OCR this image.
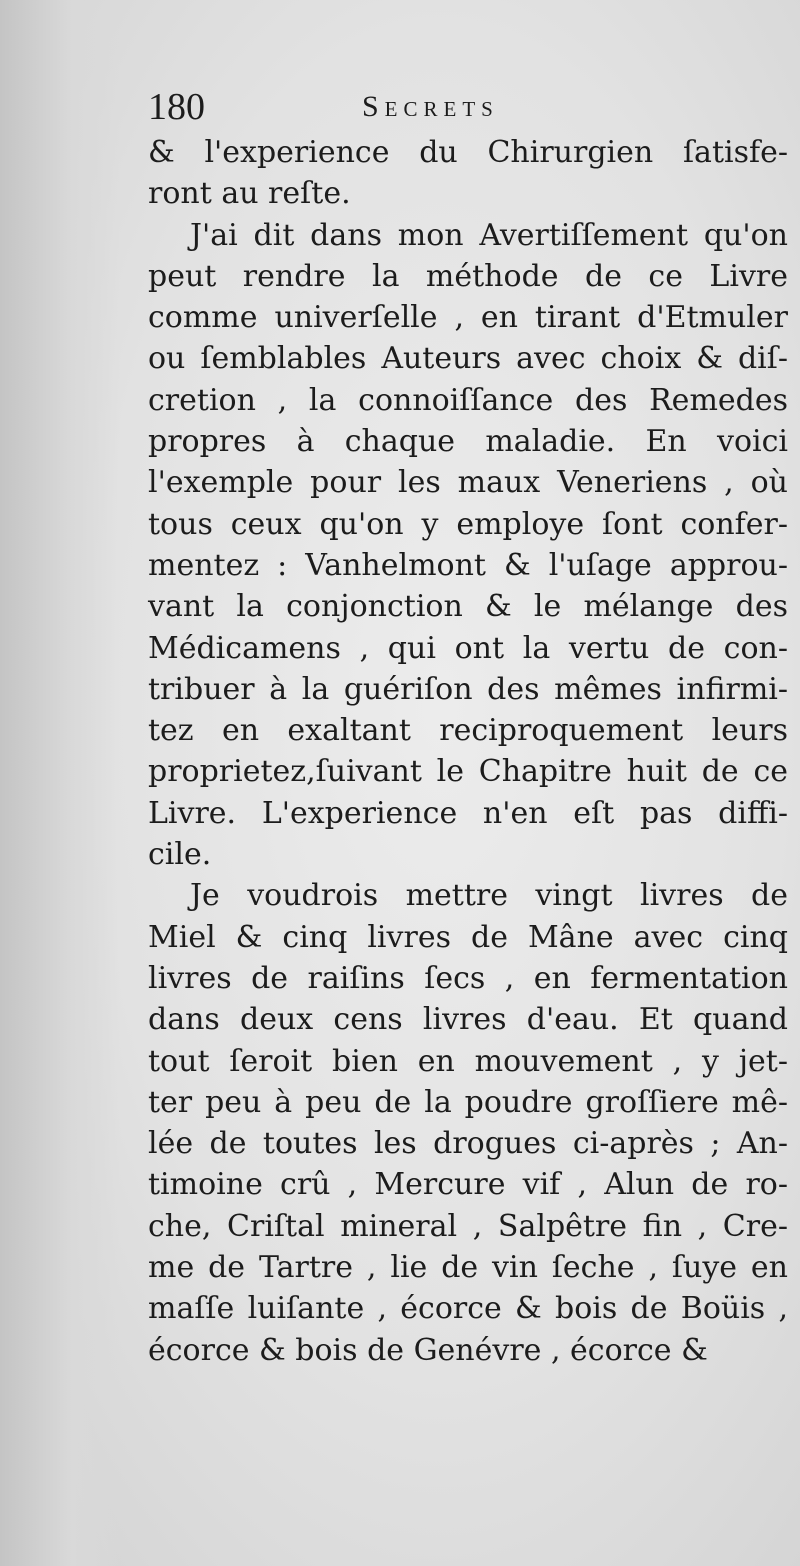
180	Secrets
& l'experience du Chirurgien ſatisfe-
ront au reſte.
J'ai dit dans mon Avertiſſement qu'on
peut rendre la méthode de ce Livre
comme univerſelle , en tirant d'Etmuler
ou ſemblables Auteurs avec choix & diſ-
cretion , la connoiſſance des Remedes
propres à chaque maladie. En voici
l'exemple pour les maux Veneriens , où
tous ceux qu'on y employe ſont confer-
mentez : Vanhelmont & l'uſage approu-
vant la conjonction & le mélange des
Médicamens , qui ont la vertu de con-
tribuer à la guériſon des mêmes infirmi-
tez en exaltant reciproquement leurs
proprietez,ſuivant le Chapitre huit de ce
Livre. L'experience n'en eſt pas diffi-
cile.
Je voudrois mettre vingt livres de
Miel & cinq livres de Mâne avec cinq
livres de raiſins ſecs , en fermentation
dans deux cens livres d'eau. Et quand
tout ſeroit bien en mouvement , y jet-
ter peu à peu de la poudre groſſiere mê-
lée de toutes les drogues ci-après ; An-
timoine crû , Mercure vif , Alun de ro-
che, Criſtal mineral , Salpêtre fin , Cre-
me de Tartre , lie de vin ſeche , ſuye en
maſſe luiſante , écorce & bois de Boüis ,
écorce & bois de Genévre , écorce &
